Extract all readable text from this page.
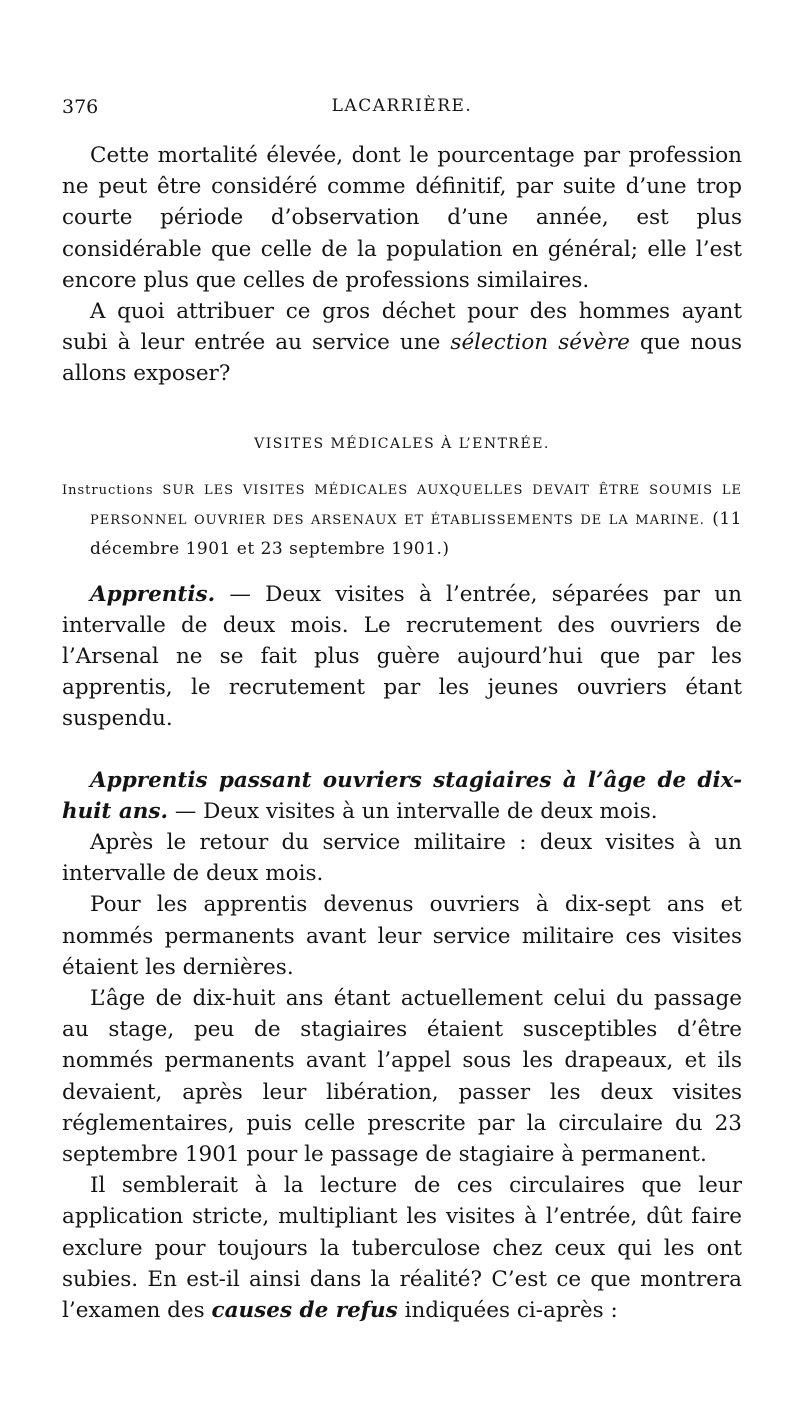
376	LACARRIÈRE.

Cette mortalité élevée, dont le pourcentage par profession ne peut être considéré comme définitif, par suite d’une trop courte période d’observation d’une année, est plus considérable que celle de la population en général; elle l’est encore plus que celles de professions similaires.

A quoi attribuer ce gros déchet pour des hommes ayant subi à leur entrée au service une sélection sévère que nous allons exposer?

VISITES MÉDICALES À L’ENTRÉE.

Instructions SUR LES VISITES MÉDICALES AUXQUELLES DEVAIT ÊTRE SOUMIS LE PERSONNEL OUVRIER DES ARSENAUX ET ÉTABLISSEMENTS DE LA MARINE. (11 décembre 1901 et 23 septembre 1901.)

Apprentis. — Deux visites à l’entrée, séparées par un intervalle de deux mois. Le recrutement des ouvriers de l’Arsenal ne se fait plus guère aujourd’hui que par les apprentis, le recrutement par les jeunes ouvriers étant suspendu.

Apprentis passant ouvriers stagiaires à l’âge de dix-huit ans. — Deux visites à un intervalle de deux mois.

Après le retour du service militaire : deux visites à un intervalle de deux mois.

Pour les apprentis devenus ouvriers à dix-sept ans et nommés permanents avant leur service militaire ces visites étaient les dernières.

L’âge de dix-huit ans étant actuellement celui du passage au stage, peu de stagiaires étaient susceptibles d’être nommés permanents avant l’appel sous les drapeaux, et ils devaient, après leur libération, passer les deux visites réglementaires, puis celle prescrite par la circulaire du 23 septembre 1901 pour le passage de stagiaire à permanent.

Il semblerait à la lecture de ces circulaires que leur application stricte, multipliant les visites à l’entrée, dût faire exclure pour toujours la tuberculose chez ceux qui les ont subies. En est-il ainsi dans la réalité? C’est ce que montrera l’examen des causes de refus indiquées ci-après :
